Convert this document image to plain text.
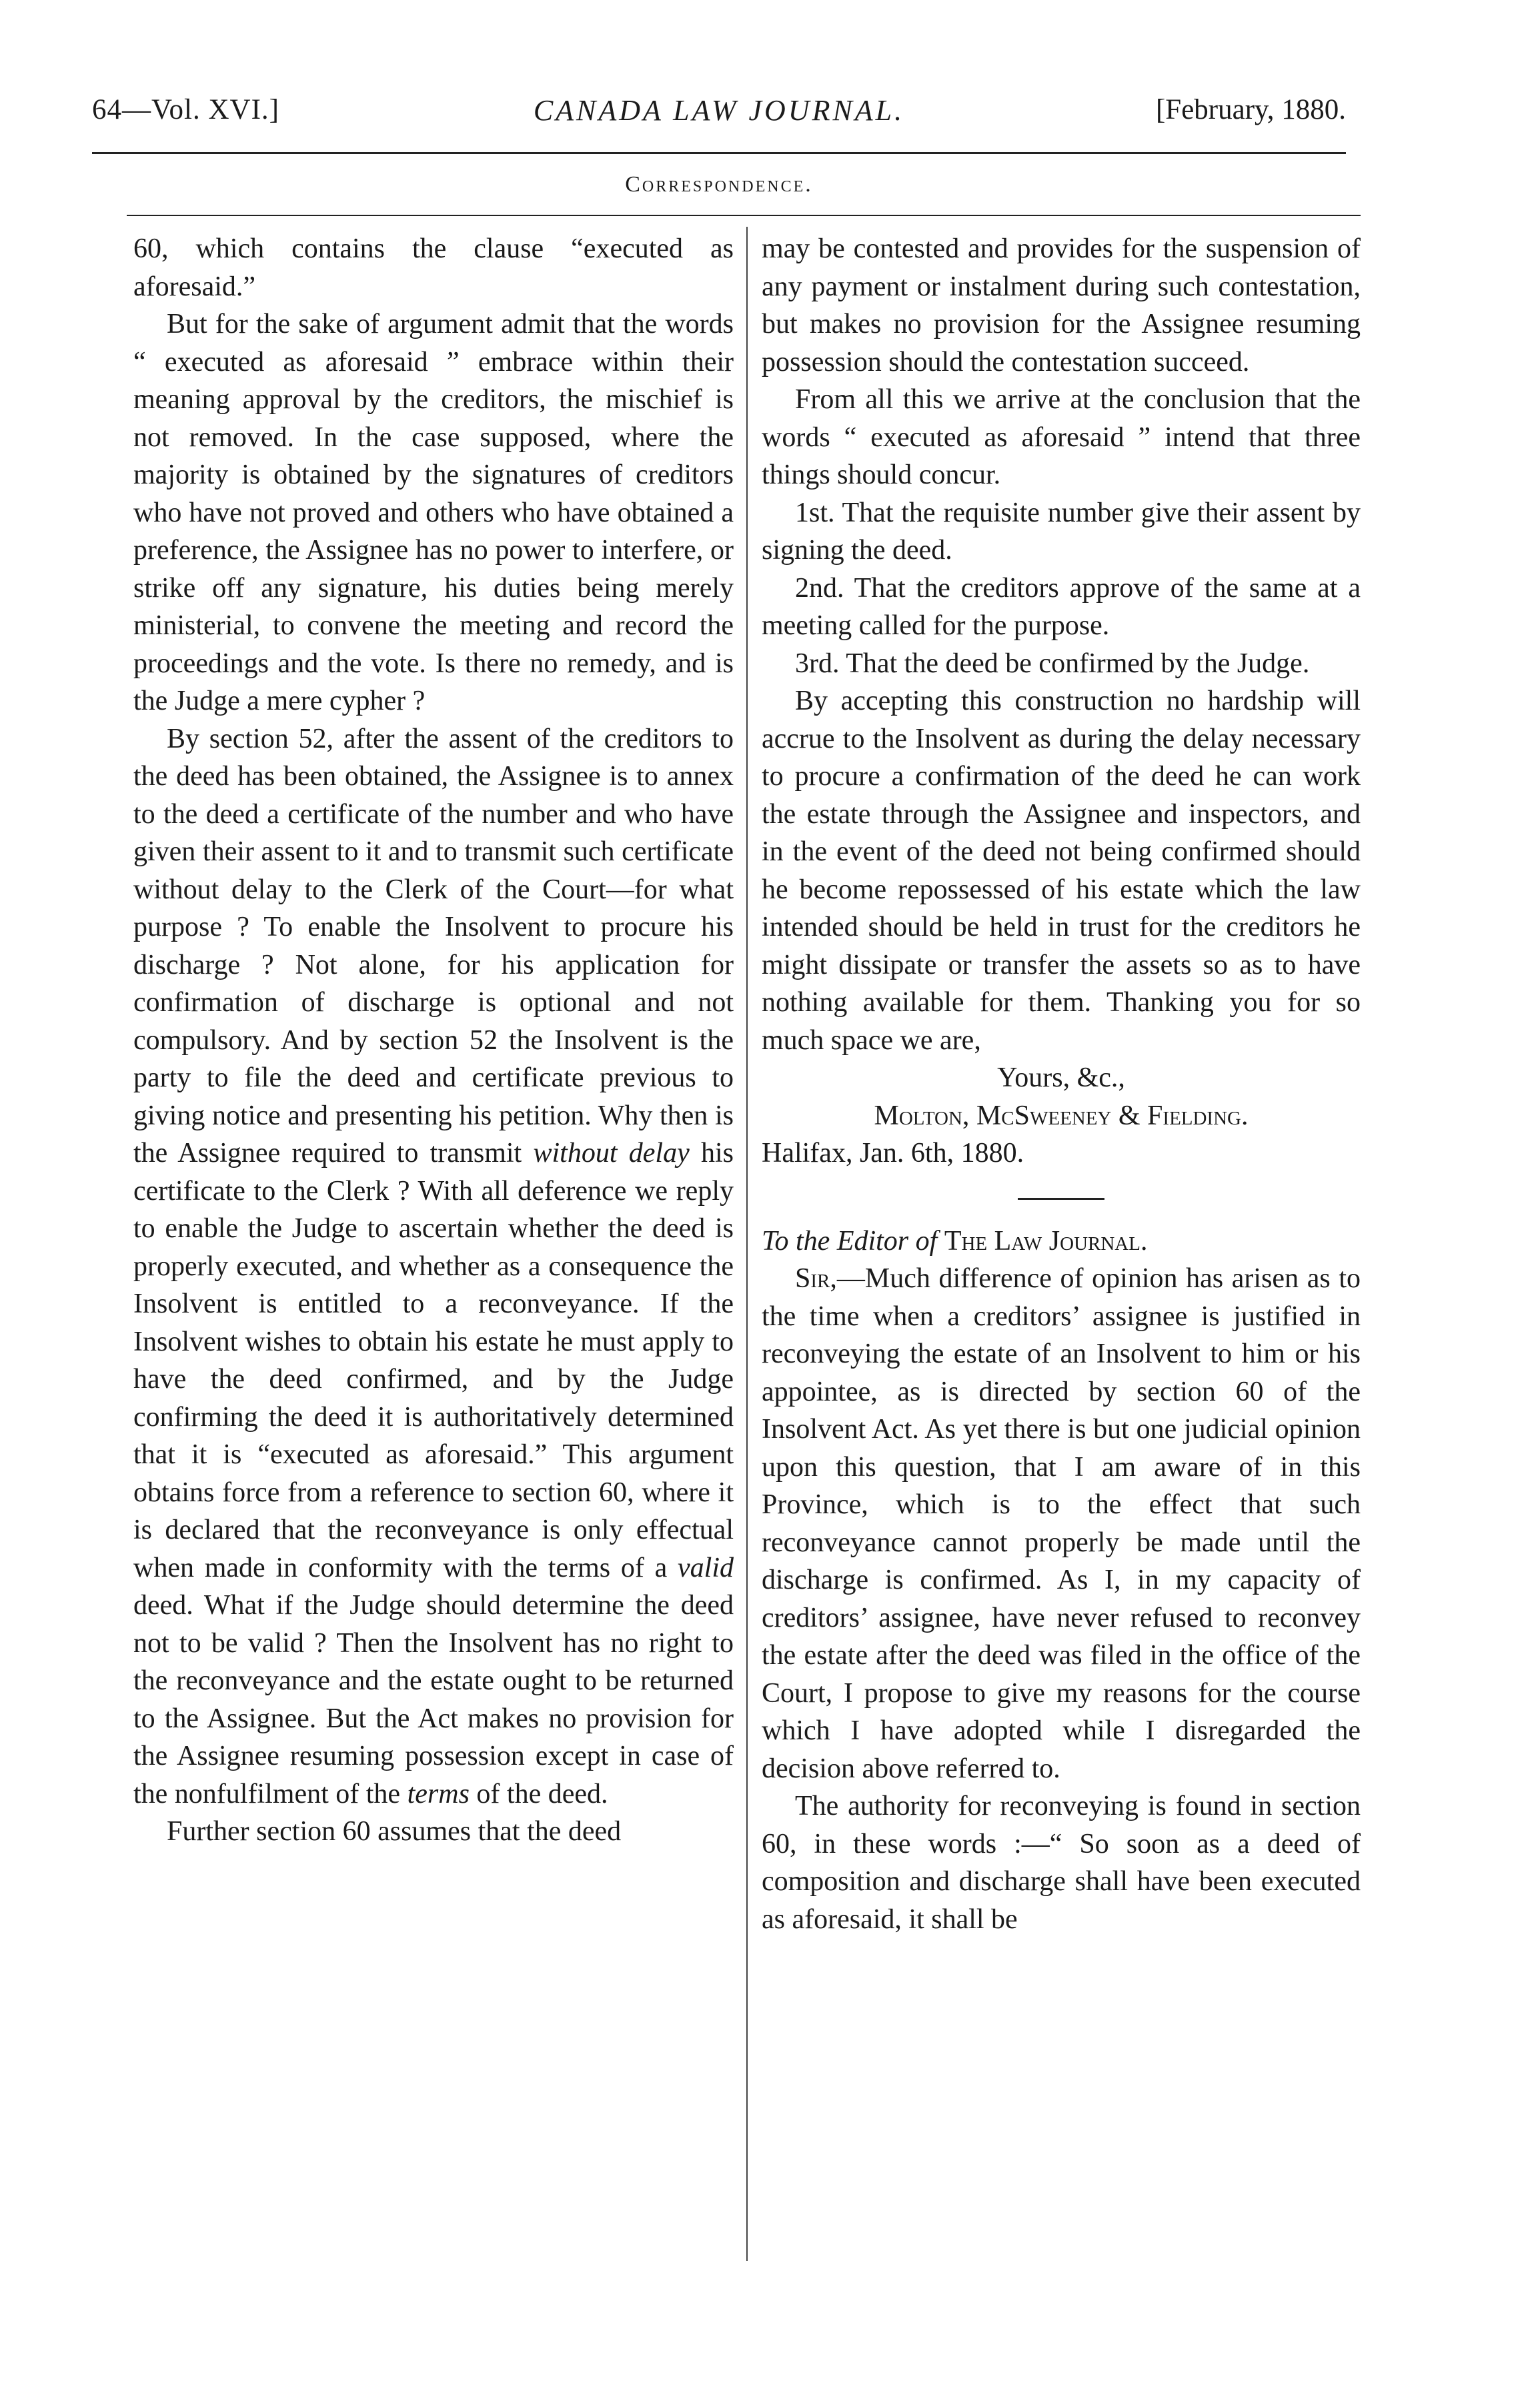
64—Vol. XVI.]	CANADA LAW JOURNAL.	[February, 1880.
Correspondence.

60, which contains the clause “executed as aforesaid.”

But for the sake of argument admit that the words “ executed as aforesaid ” embrace within their meaning approval by the creditors, the mischief is not removed. In the case supposed, where the majority is obtained by the signatures of creditors who have not proved and others who have obtained a preference, the Assignee has no power to interfere, or strike off any signature, his duties being merely ministerial, to convene the meeting and record the proceedings and the vote. Is there no remedy, and is the Judge a mere cypher ?

By section 52, after the assent of the creditors to the deed has been obtained, the Assignee is to annex to the deed a certificate of the number and who have given their assent to it and to transmit such certificate without delay to the Clerk of the Court—for what purpose ? To enable the Insolvent to procure his discharge ? Not alone, for his application for confirmation of discharge is optional and not compulsory. And by section 52 the Insolvent is the party to file the deed and certificate previous to giving notice and presenting his petition. Why then is the Assignee required to transmit without delay his certificate to the Clerk ? With all deference we reply to enable the Judge to ascertain whether the deed is properly executed, and whether as a consequence the Insolvent is entitled to a reconveyance. If the Insolvent wishes to obtain his estate he must apply to have the deed confirmed, and by the Judge confirming the deed it is authoritatively determined that it is “executed as aforesaid.” This argument obtains force from a reference to section 60, where it is declared that the reconveyance is only effectual when made in conformity with the terms of a valid deed. What if the Judge should determine the deed not to be valid ? Then the Insolvent has no right to the reconveyance and the estate ought to be returned to the Assignee. But the Act makes no provision for the Assignee resuming possession except in case of the nonfulfilment of the terms of the deed.

Further section 60 assumes that the deed

may be contested and provides for the suspension of any payment or instalment during such contestation, but makes no provision for the Assignee resuming possession should the contestation succeed.

From all this we arrive at the conclusion that the words “ executed as aforesaid ” intend that three things should concur.

1st. That the requisite number give their assent by signing the deed.

2nd. That the creditors approve of the same at a meeting called for the purpose.

3rd. That the deed be confirmed by the Judge.

By accepting this construction no hardship will accrue to the Insolvent as during the delay necessary to procure a confirmation of the deed he can work the estate through the Assignee and inspectors, and in the event of the deed not being confirmed should he become repossessed of his estate which the law intended should be held in trust for the creditors he might dissipate or transfer the assets so as to have nothing available for them. Thanking you for so much space we are,

Yours, &c.,

Molton, McSweeney & Fielding.

Halifax, Jan. 6th, 1880.

To the Editor of The Law Journal.

Sir,—Much difference of opinion has arisen as to the time when a creditors’ assignee is justified in reconveying the estate of an Insolvent to him or his appointee, as is directed by section 60 of the Insolvent Act. As yet there is but one judicial opinion upon this question, that I am aware of in this Province, which is to the effect that such reconveyance cannot properly be made until the discharge is confirmed. As I, in my capacity of creditors’ assignee, have never refused to reconvey the estate after the deed was filed in the office of the Court, I propose to give my reasons for the course which I have adopted while I disregarded the decision above referred to.

The authority for reconveying is found in section 60, in these words :—“ So soon as a deed of composition and discharge shall have been executed as aforesaid, it shall be
